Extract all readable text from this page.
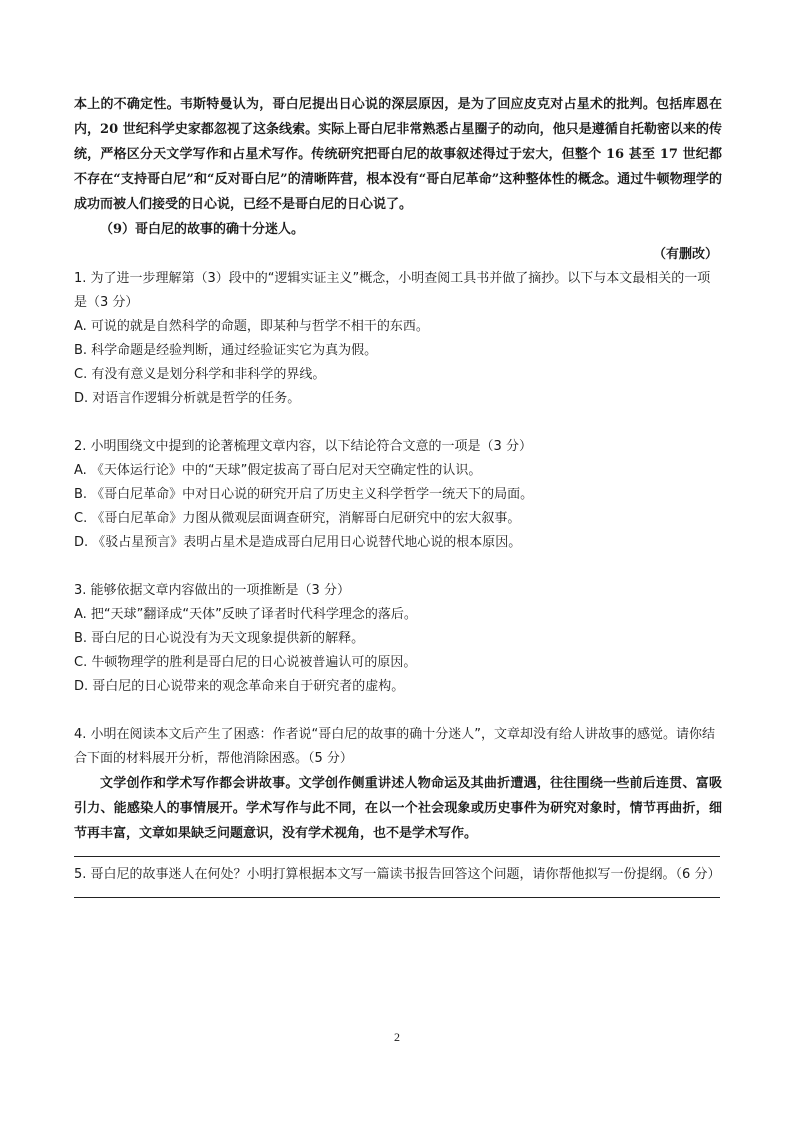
本上的不确定性。韦斯特曼认为，哥白尼提出日心说的深层原因，是为了回应皮克对占星术的批判。包括库恩在内，20 世纪科学史家都忽视了这条线索。实际上哥白尼非常熟悉占星圈子的动向，他只是遵循自托勒密以来的传统，严格区分天文学写作和占星术写作。传统研究把哥白尼的故事叙述得过于宏大，但整个 16 甚至 17 世纪都不存在“支持哥白尼”和“反对哥白尼”的清晰阵营，根本没有“哥白尼革命”这种整体性的概念。通过牛顿物理学的成功而被人们接受的日心说，已经不是哥白尼的日心说了。

（9）哥白尼的故事的确十分迷人。

（有删改）

1. 为了进一步理解第（3）段中的“逻辑实证主义”概念，小明查阅工具书并做了摘抄。以下与本文最相关的一项是（3 分）

A. 可说的就是自然科学的命题，即某种与哲学不相干的东西。

B. 科学命题是经验判断，通过经验证实它为真为假。

C. 有没有意义是划分科学和非科学的界线。

D. 对语言作逻辑分析就是哲学的任务。

2. 小明围绕文中提到的论著梳理文章内容，以下结论符合文意的一项是（3 分）

A. 《天体运行论》中的“天球”假定拔高了哥白尼对天空确定性的认识。

B. 《哥白尼革命》中对日心说的研究开启了历史主义科学哲学一统天下的局面。

C. 《哥白尼革命》力图从微观层面调查研究，消解哥白尼研究中的宏大叙事。

D. 《驳占星预言》表明占星术是造成哥白尼用日心说替代地心说的根本原因。

3. 能够依据文章内容做出的一项推断是（3 分）

A. 把“天球”翻译成“天体”反映了译者时代科学理念的落后。

B. 哥白尼的日心说没有为天文现象提供新的解释。

C. 牛顿物理学的胜利是哥白尼的日心说被普遍认可的原因。

D. 哥白尼的日心说带来的观念革命来自于研究者的虚构。

4. 小明在阅读本文后产生了困惑：作者说“哥白尼的故事的确十分迷人”，文章却没有给人讲故事的感觉。请你结合下面的材料展开分析，帮他消除困惑。（5 分）

文学创作和学术写作都会讲故事。文学创作侧重讲述人物命运及其曲折遭遇，往往围绕一些前后连贯、富吸引力、能感染人的事情展开。学术写作与此不同，在以一个社会现象或历史事件为研究对象时，情节再曲折，细节再丰富，文章如果缺乏问题意识，没有学术视角，也不是学术写作。

5. 哥白尼的故事迷人在何处？小明打算根据本文写一篇读书报告回答这个问题，请你帮他拟写一份提纲。（6 分）

2
